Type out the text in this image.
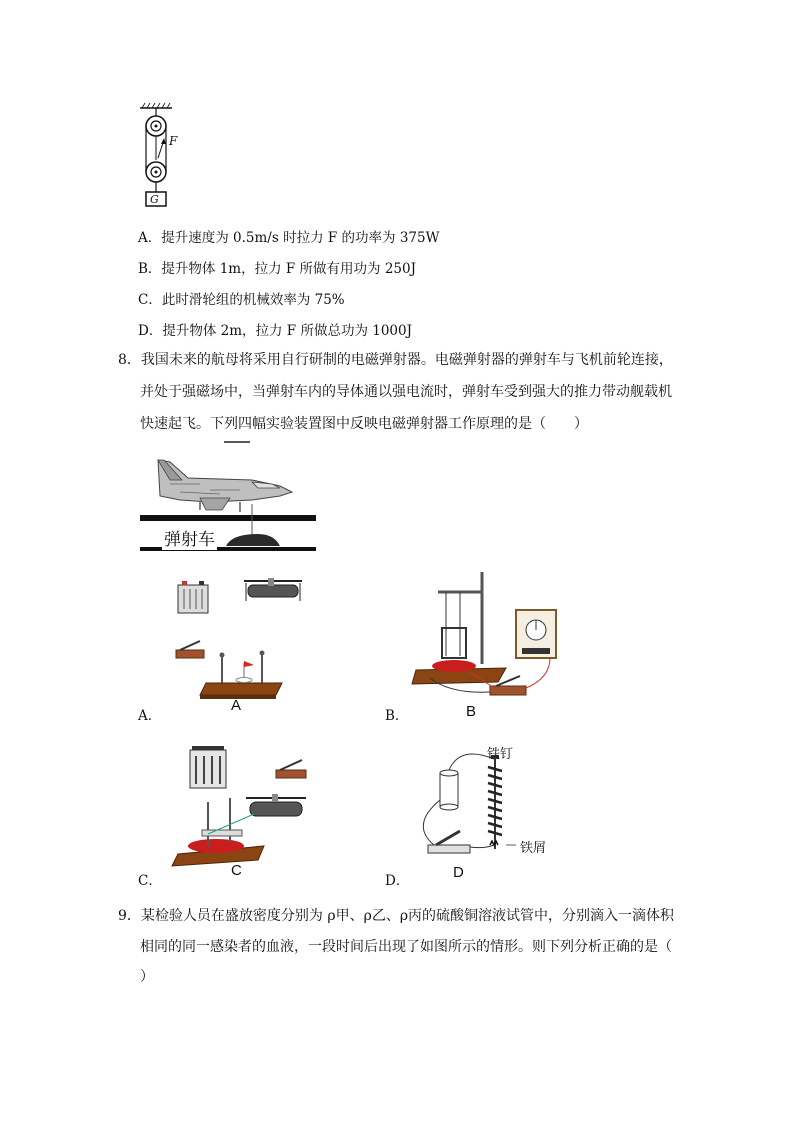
F
G
A．提升速度为 0.5m/s 时拉力 F 的功率为 375W
B．提升物体 1m，拉力 F 所做有用功为 250J
C．此时滑轮组的机械效率为 75%
D．提升物体 2m，拉力 F 所做总功为 1000J
8．我国未来的航母将采用自行研制的电磁弹射器。电磁弹射器的弹射车与飞机前轮连接，
并处于强磁场中，当弹射车内的导体通以强电流时，弹射车受到强大的推力带动舰载机
快速起飞。下列四幅实验装置图中反映电磁弹射器工作原理的是（　　）
弹射车
A
A．	B
B．
C
C．
铁钉
铁屑
D
D．
9．某检验人员在盛放密度分别为 ρ甲、ρ乙、ρ丙的硫酸铜溶液试管中，分别滴入一滴体积
相同的同一感染者的血液，一段时间后出现了如图所示的情形。则下列分析正确的是（
）
